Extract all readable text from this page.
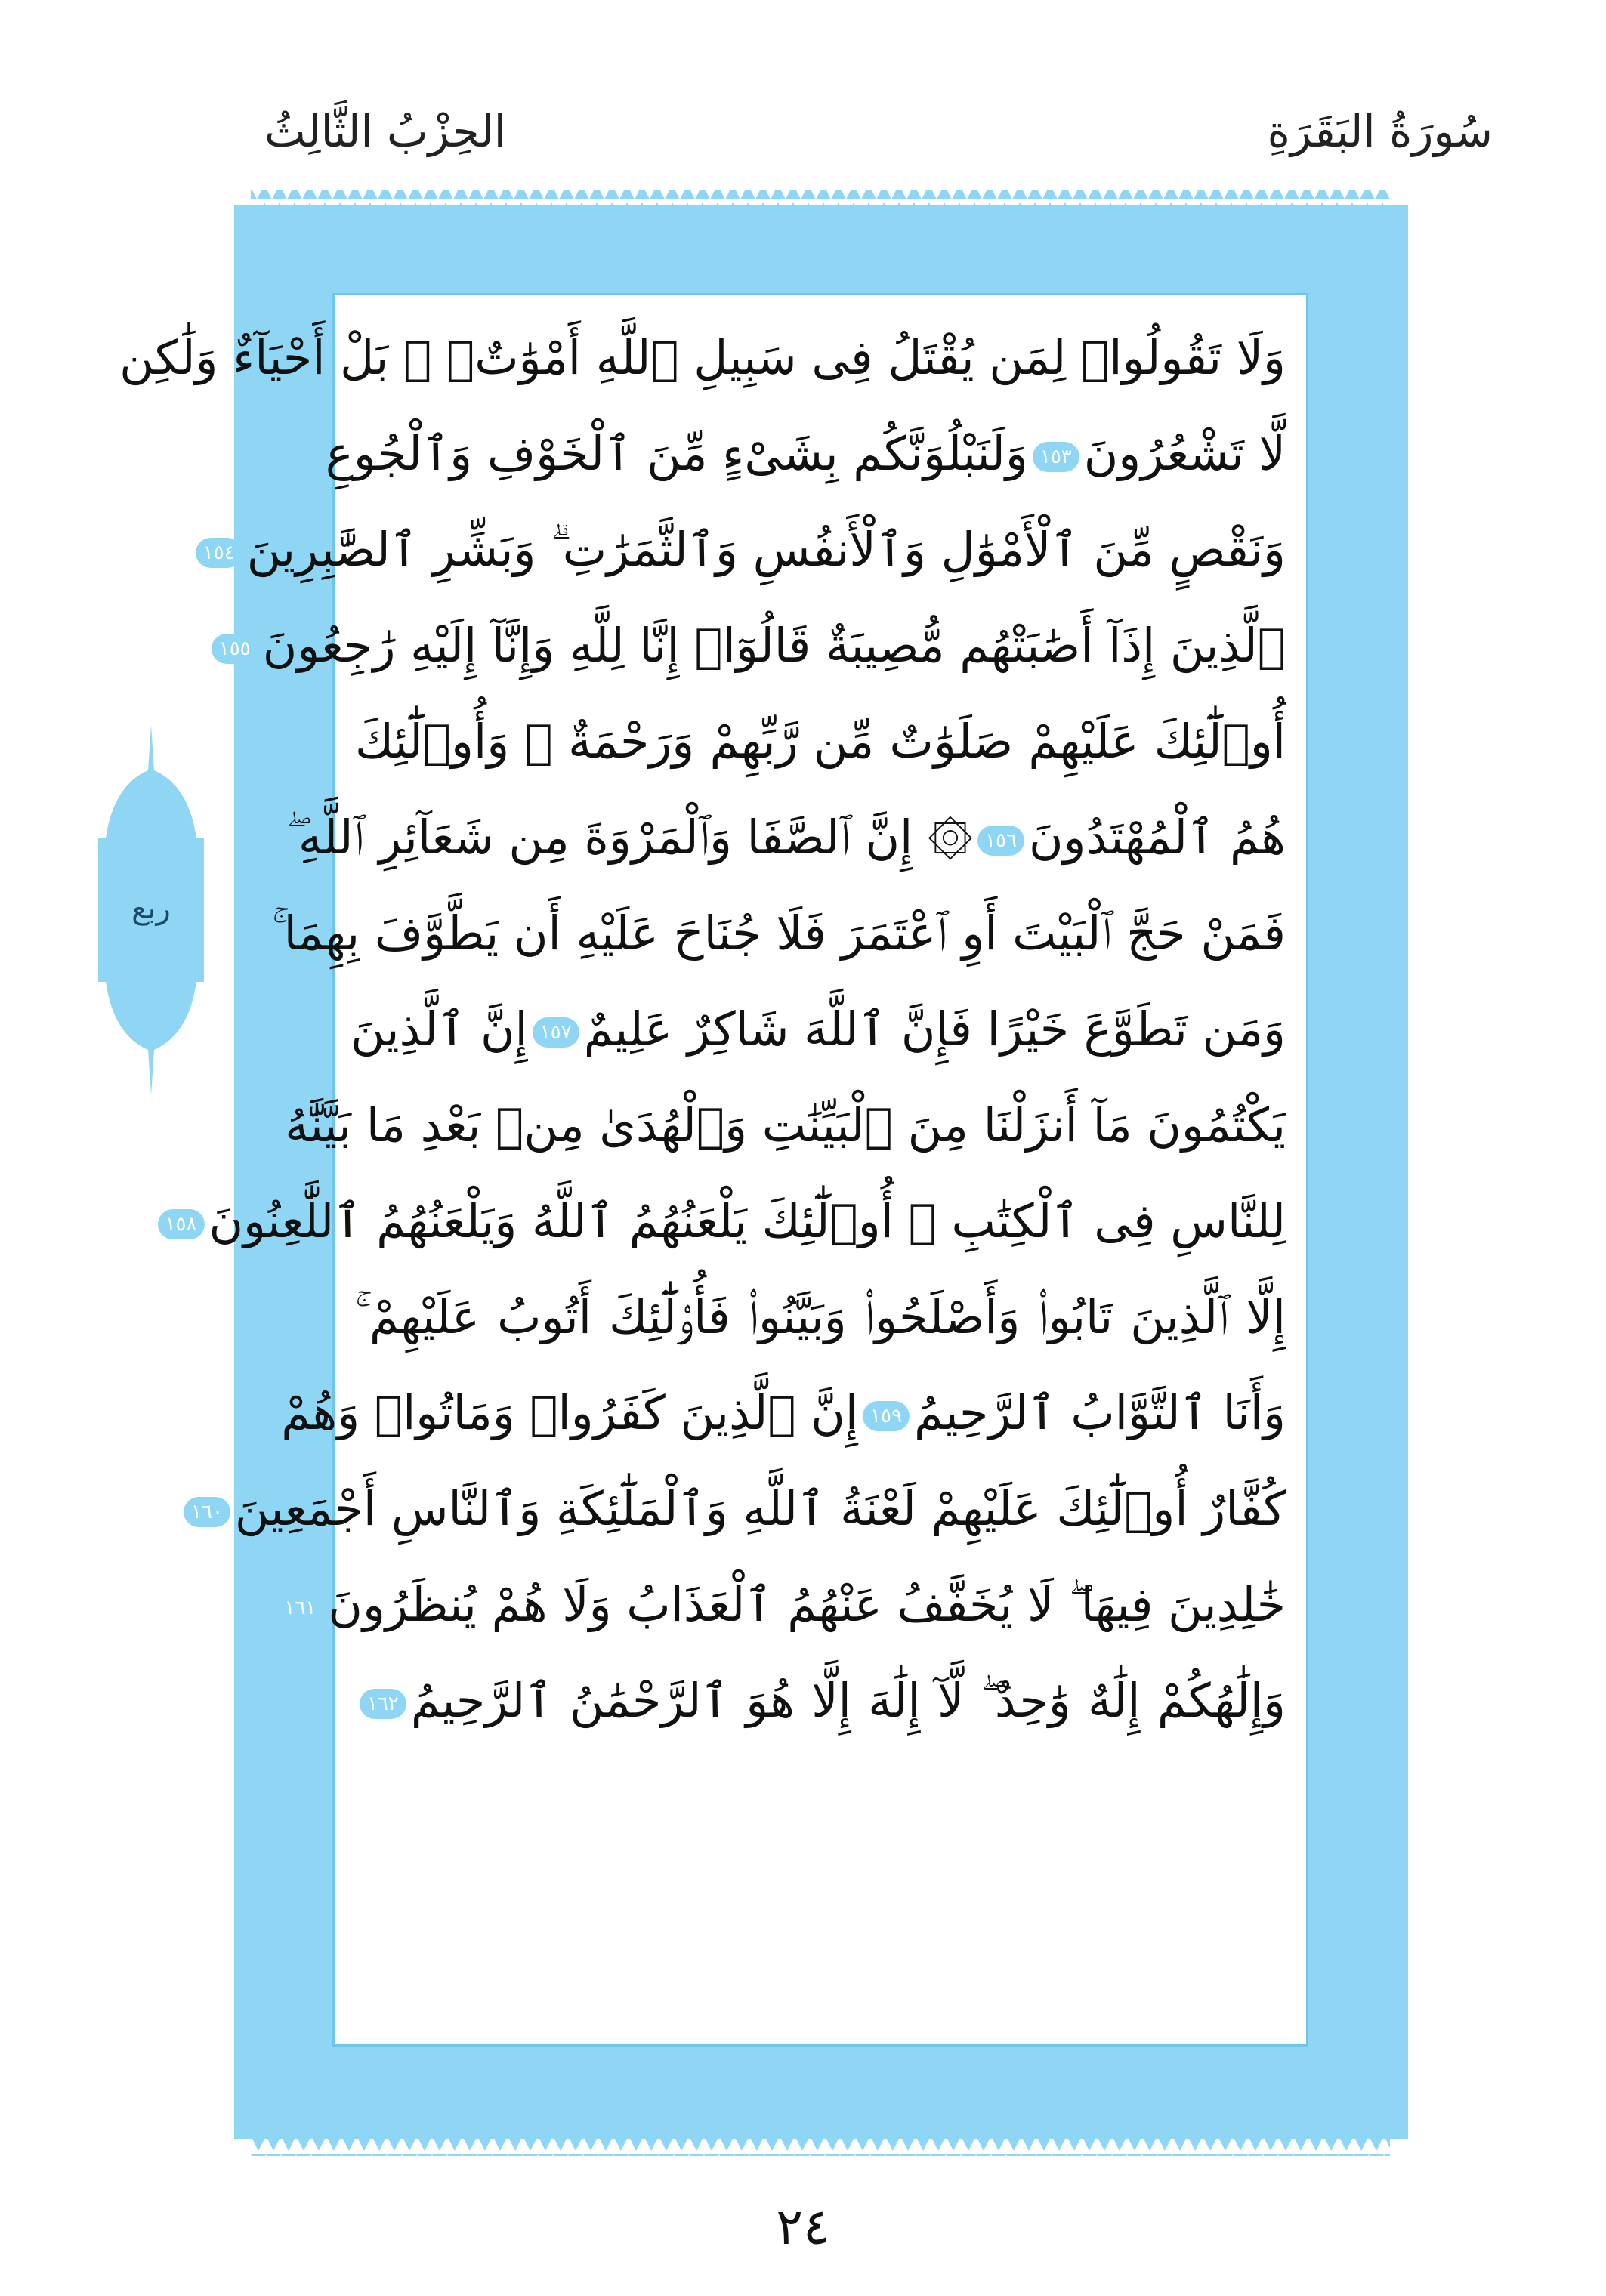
سُورَةُ البَقَرَةِ
الحِزْبُ الثَّالِثُ
وَلَا تَقُولُوا۟ لِمَن يُقْتَلُ فِى سَبِيلِ ٱللَّهِ أَمْوَٰتٌۢ ۚ بَلْ أَحْيَآءٌ وَلَٰكِن
لَّا تَشْعُرُونَ١٥٣وَلَنَبْلُوَنَّكُم بِشَىْءٍ مِّنَ ٱلْخَوْفِ وَٱلْجُوعِ
وَنَقْصٍ مِّنَ ٱلْأَمْوَٰلِ وَٱلْأَنفُسِ وَٱلثَّمَرَٰتِ ۗ وَبَشِّرِ ٱلصَّٰبِرِينَ١٥٤
ٱلَّذِينَ إِذَآ أَصَٰبَتْهُم مُّصِيبَةٌ قَالُوٓا۟ إِنَّا لِلَّهِ وَإِنَّآ إِلَيْهِ رَٰجِعُونَ١٥٥
أُو۟لَٰٓئِكَ عَلَيْهِمْ صَلَوَٰتٌ مِّن رَّبِّهِمْ وَرَحْمَةٌ ۖ وَأُو۟لَٰٓئِكَ
هُمُ ٱلْمُهْتَدُونَ١٥٦۞ إِنَّ ٱلصَّفَا وَٱلْمَرْوَةَ مِن شَعَآئِرِ ٱللَّهِ ۖ
فَمَنْ حَجَّ ٱلْبَيْتَ أَوِ ٱعْتَمَرَ فَلَا جُنَاحَ عَلَيْهِ أَن يَطَّوَّفَ بِهِمَا ۚ
وَمَن تَطَوَّعَ خَيْرًا فَإِنَّ ٱللَّهَ شَاكِرٌ عَلِيمٌ١٥٧إِنَّ ٱلَّذِينَ
يَكْتُمُونَ مَآ أَنزَلْنَا مِنَ ٱلْبَيِّنَٰتِ وَٱلْهُدَىٰ مِنۢ بَعْدِ مَا بَيَّنَّٰهُ
لِلنَّاسِ فِى ٱلْكِتَٰبِ ۙ أُو۟لَٰٓئِكَ يَلْعَنُهُمُ ٱللَّهُ وَيَلْعَنُهُمُ ٱللَّٰعِنُونَ١٥٨
إِلَّا ٱلَّذِينَ تَابُوا۟ وَأَصْلَحُوا۟ وَبَيَّنُوا۟ فَأُو۟لَٰٓئِكَ أَتُوبُ عَلَيْهِمْ ۚ
وَأَنَا ٱلتَّوَّابُ ٱلرَّحِيمُ١٥٩إِنَّ ٱلَّذِينَ كَفَرُوا۟ وَمَاتُوا۟ وَهُمْ
كُفَّارٌ أُو۟لَٰٓئِكَ عَلَيْهِمْ لَعْنَةُ ٱللَّهِ وَٱلْمَلَٰٓئِكَةِ وَٱلنَّاسِ أَجْمَعِينَ١٦٠
خَٰلِدِينَ فِيهَا ۖ لَا يُخَفَّفُ عَنْهُمُ ٱلْعَذَابُ وَلَا هُمْ يُنظَرُونَ١٦١
وَإِلَٰهُكُمْ إِلَٰهٌ وَٰحِدٌ ۖ لَّآ إِلَٰهَ إِلَّا هُوَ ٱلرَّحْمَٰنُ ٱلرَّحِيمُ١٦٢
ربع
٢٤
